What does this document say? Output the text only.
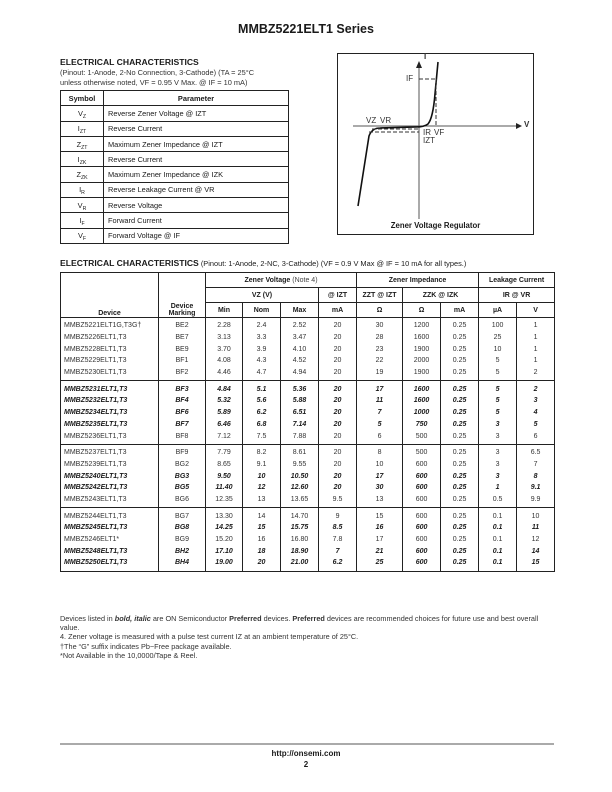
MMBZ5221ELT1 Series
ELECTRICAL CHARACTERISTICS
(Pinout: 1-Anode, 2-No Connection, 3-Cathode) (TA = 25°C
unless otherwise noted, VF = 0.95 V Max. @ IF = 10 mA)
Symbol	Parameter
$V_Z$	Reverse Zener Voltage @ IZT
$I_{ZT}$	Reverse Current
$Z_{ZT}$	Maximum Zener Impedance @ IZT
$I_{ZK}$	Reverse Current
$Z_{ZK}$	Maximum Zener Impedance @ IZK
$I_R$	Reverse Leakage Current @ VR
$V_R$	Reverse Voltage
$I_F$	Forward Current
$V_F$	Forward Voltage @ IF
I
V
IF
VZ VR
IR
IZT
VF
Zener Voltage Regulator
ELECTRICAL CHARACTERISTICS (Pinout: 1-Anode, 2-NC, 3-Cathode) (VF = 0.9 V Max @ IF = 10 mA for all types.)
Device	Device Marking	Zener Voltage (Note 4)				Zener Impedance			Leakage Current	
		VZ (V)			@ IZT	ZZT @ IZT	ZZK @ IZK		IR @ VR	
		Min	Nom	Max	mA	Ω	Ω	mA	µA	V
MMBZ5221ELT1G,T3G†	BE2	2.28	2.4	2.52	20	30	1200	0.25	100	1
MMBZ5226ELT1,T3	BE7	3.13	3.3	3.47	20	28	1600	0.25	25	1
MMBZ5228ELT1,T3	BE9	3.70	3.9	4.10	20	23	1900	0.25	10	1
MMBZ5229ELT1,T3	BF1	4.08	4.3	4.52	20	22	2000	0.25	5	1
MMBZ5230ELT1,T3	BF2	4.46	4.7	4.94	20	19	1900	0.25	5	2
MMBZ5231ELT1,T3	BF3	4.84	5.1	5.36	20	17	1600	0.25	5	2
MMBZ5232ELT1,T3	BF4	5.32	5.6	5.88	20	11	1600	0.25	5	3
MMBZ5234ELT1,T3	BF6	5.89	6.2	6.51	20	7	1000	0.25	5	4
MMBZ5235ELT1,T3	BF7	6.46	6.8	7.14	20	5	750	0.25	3	5
MMBZ5236ELT1,T3	BF8	7.12	7.5	7.88	20	6	500	0.25	3	6
MMBZ5237ELT1,T3	BF9	7.79	8.2	8.61	20	8	500	0.25	3	6.5
MMBZ5239ELT1,T3	BG2	8.65	9.1	9.55	20	10	600	0.25	3	7
MMBZ5240ELT1,T3	BG3	9.50	10	10.50	20	17	600	0.25	3	8
MMBZ5242ELT1,T3	BG5	11.40	12	12.60	20	30	600	0.25	1	9.1
MMBZ5243ELT1,T3	BG6	12.35	13	13.65	9.5	13	600	0.25	0.5	9.9
MMBZ5244ELT1,T3	BG7	13.30	14	14.70	9	15	600	0.25	0.1	10
MMBZ5245ELT1,T3	BG8	14.25	15	15.75	8.5	16	600	0.25	0.1	11
MMBZ5246ELT1*	BG9	15.20	16	16.80	7.8	17	600	0.25	0.1	12
MMBZ5248ELT1,T3	BH2	17.10	18	18.90	7	21	600	0.25	0.1	14
MMBZ5250ELT1,T3	BH4	19.00	20	21.00	6.2	25	600	0.25	0.1	15
Devices listed in bold, italic are ON Semiconductor Preferred devices. Preferred devices are recommended choices for future use and best overall value.
4. Zener voltage is measured with a pulse test current IZ at an ambient temperature of 25°C.
†The “G” suffix indicates Pb−Free package available.
*Not Available in the 10,0000/Tape & Reel.
http://onsemi.com
2
